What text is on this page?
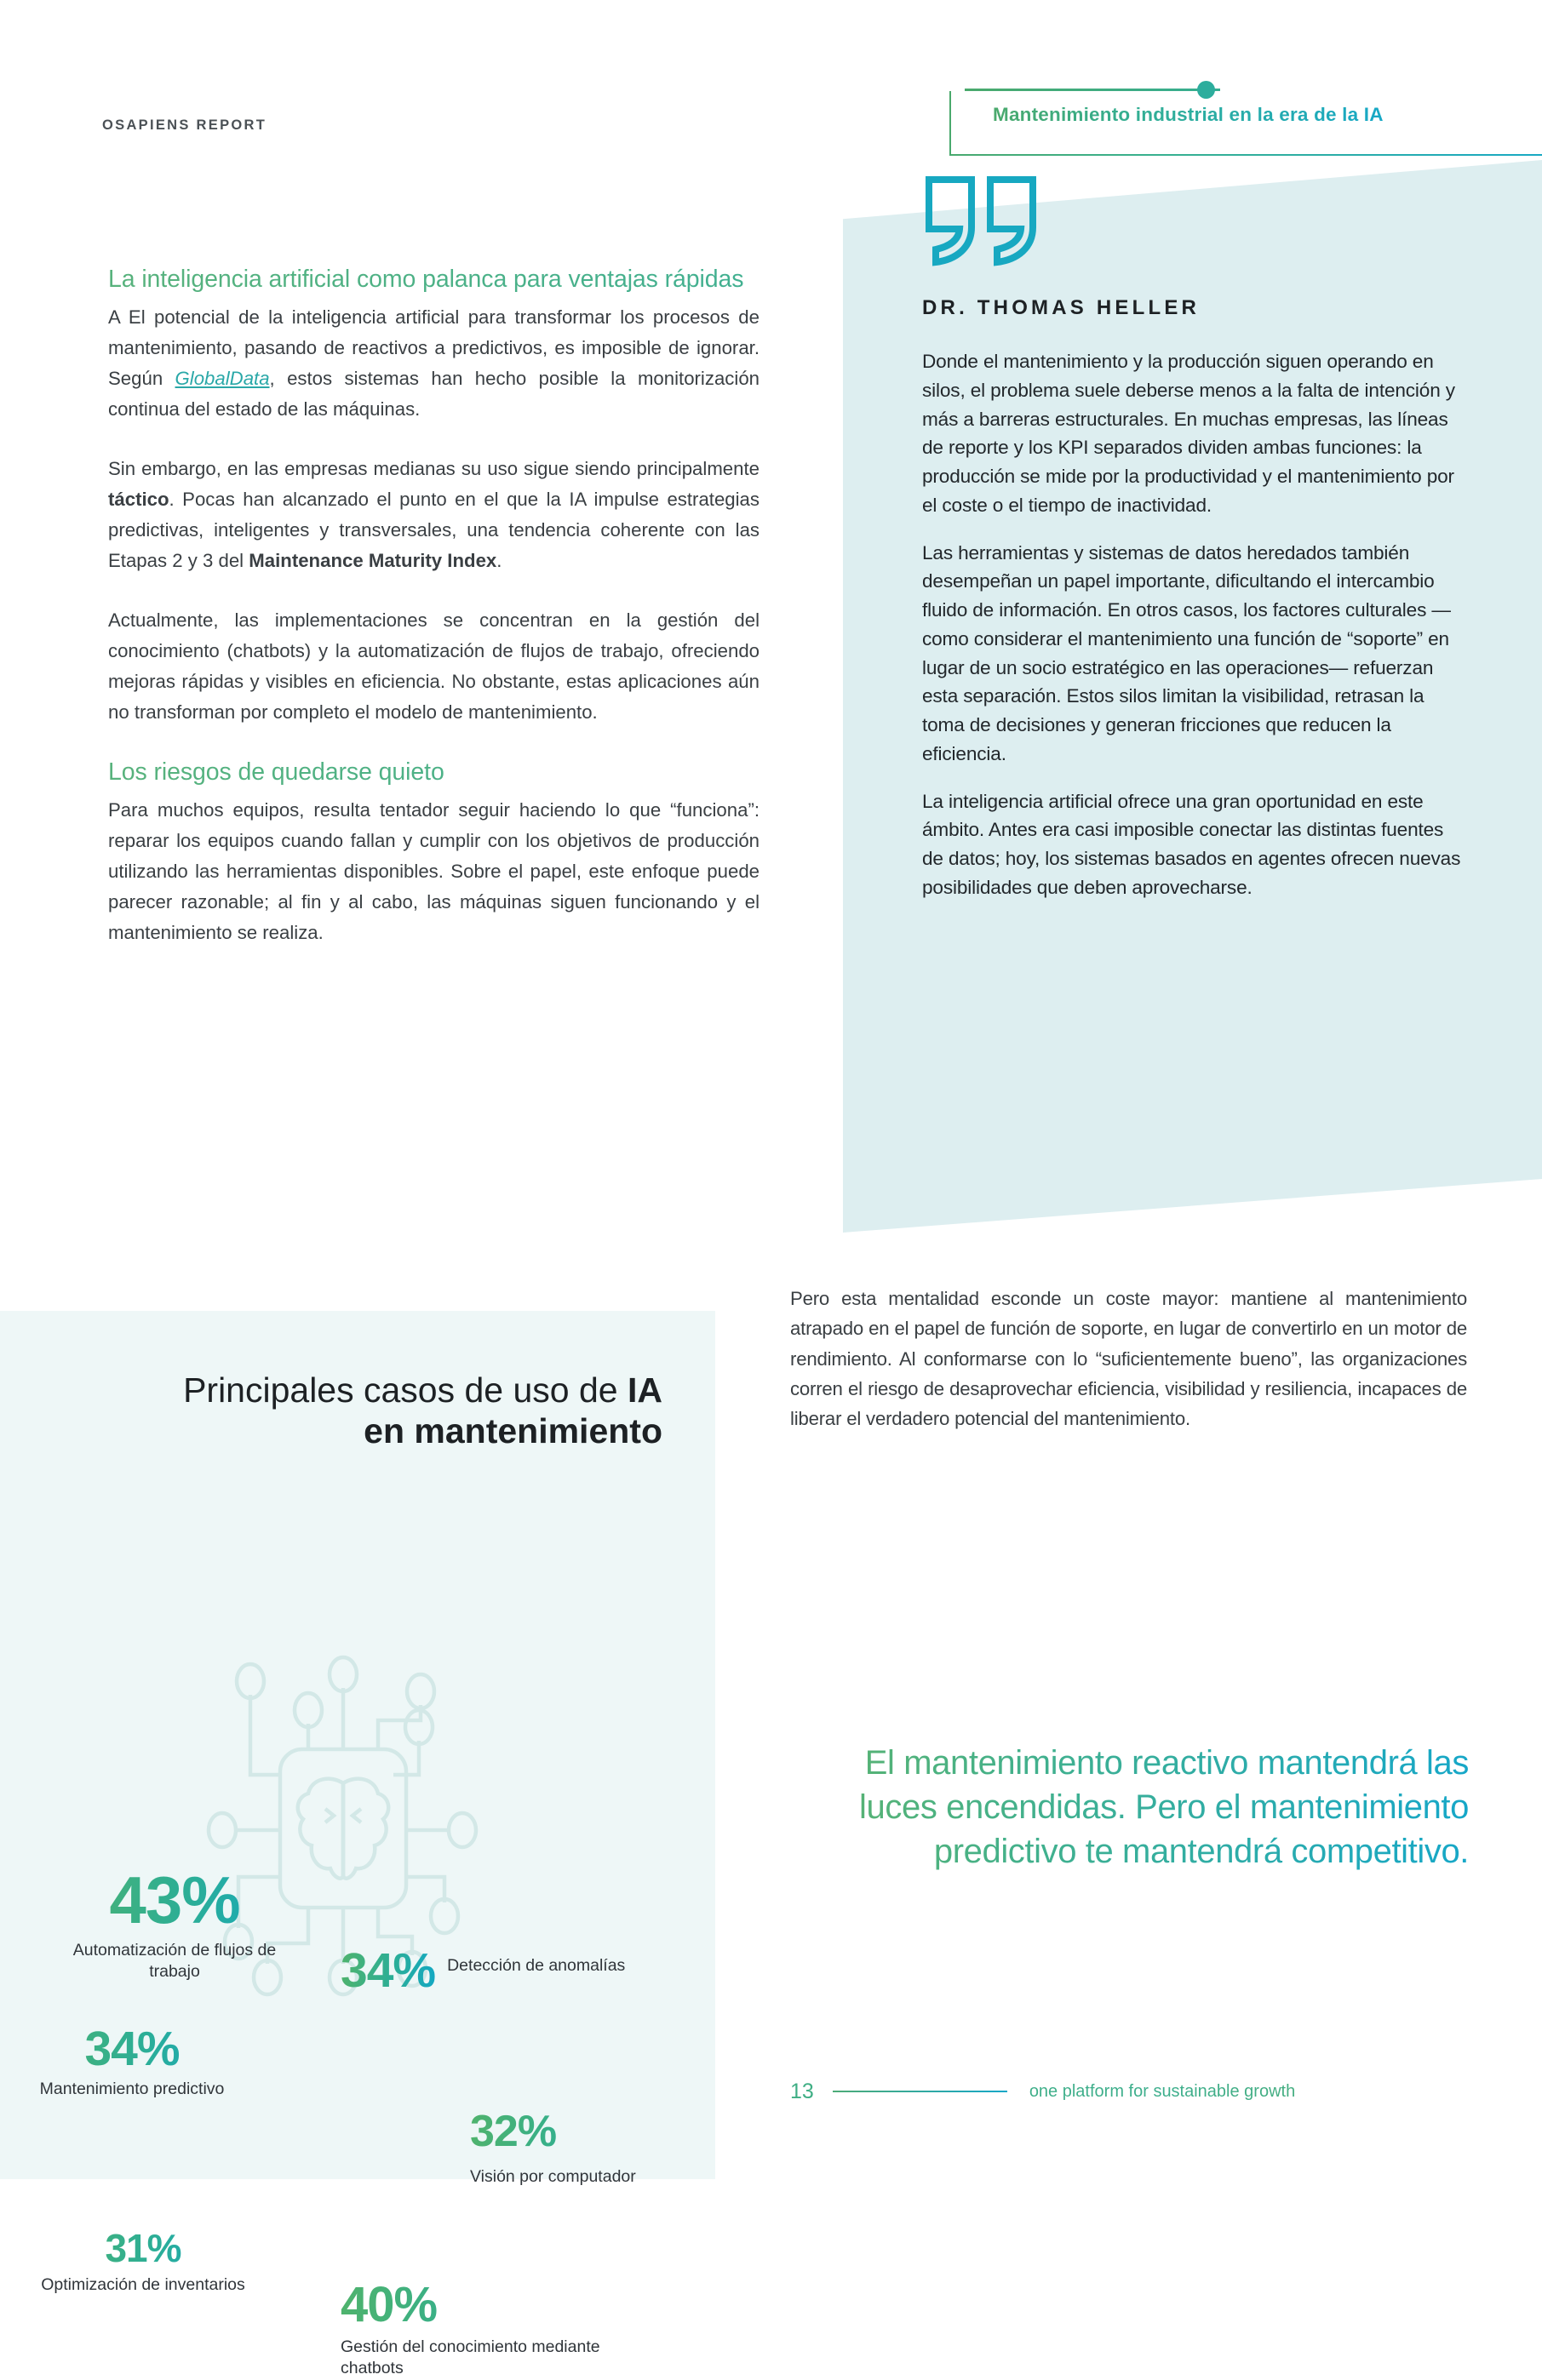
OSAPIENS REPORT	Mantenimiento industrial en la era de la IA
La inteligencia artificial como palanca para ventajas rápidas

A El potencial de la inteligencia artificial para transformar los procesos de mantenimiento, pasando de reactivos a predictivos, es imposible de ignorar. Según GlobalData, estos sistemas han hecho posible la monitorización continua del estado de las máquinas.

Sin embargo, en las empresas medianas su uso sigue siendo principalmente táctico. Pocas han alcanzado el punto en el que la IA impulse estrategias predictivas, inteligentes y transversales, una tendencia coherente con las Etapas 2 y 3 del Maintenance Maturity Index.

Actualmente, las implementaciones se concentran en la gestión del conocimiento (chatbots) y la automatización de flujos de trabajo, ofreciendo mejoras rápidas y visibles en eficiencia. No obstante, estas aplicaciones aún no transforman por completo el modelo de mantenimiento.

Los riesgos de quedarse quieto

Para muchos equipos, resulta tentador seguir haciendo lo que “funciona”: reparar los equipos cuando fallan y cumplir con los objetivos de producción utilizando las herramientas disponibles. Sobre el papel, este enfoque puede parecer razonable; al fin y al cabo, las máquinas siguen funcionando y el mantenimiento se realiza.

DR. THOMAS HELLER

Donde el mantenimiento y la producción siguen operando en silos, el problema suele deberse menos a la falta de intención y más a barreras estructurales. En muchas empresas, las líneas de reporte y los KPI separados dividen ambas funciones: la producción se mide por la productividad y el mantenimiento por el coste o el tiempo de inactividad.

Las herramientas y sistemas de datos heredados también desempeñan un papel importante, dificultando el intercambio fluido de información. En otros casos, los factores culturales — como considerar el mantenimiento una función de “soporte” en lugar de un socio estratégico en las operaciones— refuerzan esta separación. Estos silos limitan la visibilidad, retrasan la toma de decisiones y generan fricciones que reducen la eficiencia.

La inteligencia artificial ofrece una gran oportunidad en este ámbito. Antes era casi imposible conectar las distintas fuentes de datos; hoy, los sistemas basados en agentes ofrecen nuevas posibilidades que deben aprovecharse.

Pero esta mentalidad esconde un coste mayor: mantiene al mantenimiento atrapado en el papel de función de soporte, en lugar de convertirlo en un motor de rendimiento. Al conformarse con lo “suficientemente bueno”, las organizaciones corren el riesgo de desaprovechar eficiencia, visibilidad y resiliencia, incapaces de liberar el verdadero potencial del mantenimiento.

El mantenimiento reactivo mantendrá las luces encendidas. Pero el mantenimiento predictivo te mantendrá competitivo.
13	one platform for sustainable growth
Principales casos de uso de IA en mantenimiento
43%
Automatización de flujos de trabajo	34% Detección de anomalías
34%
Mantenimiento predictivo
32%
Visión por computador
31%
Optimización de inventarios 40%
Gestión del conocimiento mediante chatbots
